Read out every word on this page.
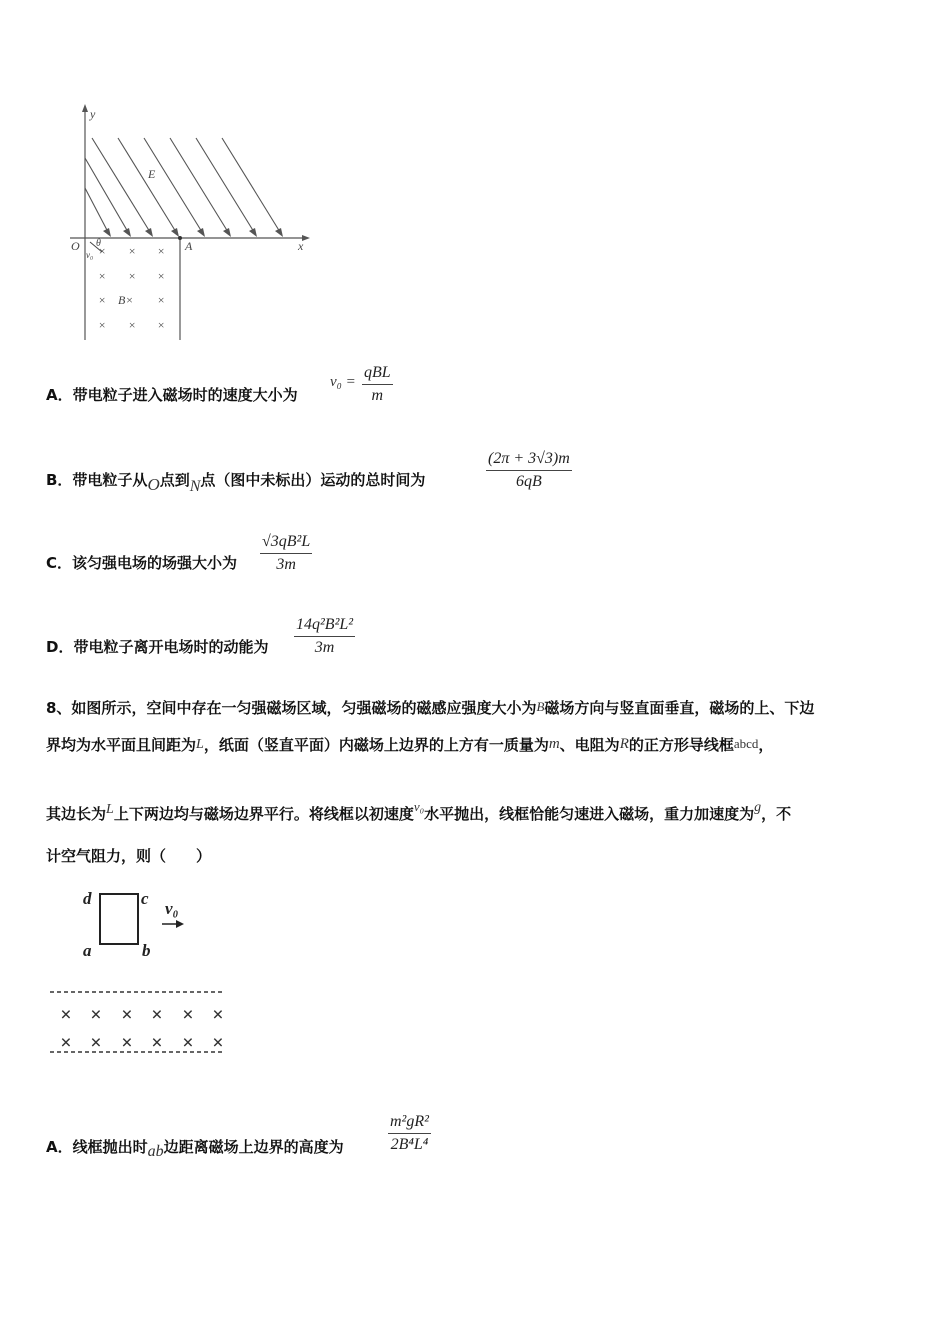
y
x
O θ
v₀
A
E
× × ×
× × ×
× B× ×
× × ×
A．带电粒子进入磁场时的速度大小为
v₀ =
qBL
m
B．带电粒子从O点到N点（图中未标出）运动的总时间为	$\frac{(2\pi + 3√3)m}{6qB}$
C．该匀强电场的场强大小为 $\frac{\text{√3qB²L}}{3m}$
D．带电粒子离开电场时的动能为 $\frac{\text{14q²B²L²}}{3m}$
8、如图所示，空间中存在一匀强磁场区域，匀强磁场的磁感应强度大小为B磁场方向与竖直面垂直，磁场的上、下边
界均为水平面且间距为L，纸面（竖直平面）内磁场上边界的上方有一质量为m、电阻为R的正方形导线框abcd，
其边长为L上下两边均与磁场边界平行。将线框以初速度v₀水平抛出，线框恰能匀速进入磁场，重力加速度为g，不
计空气阻力，则（　　）
d	c
a	b
v₀
× × × × × ×
× × × × × ×
A．线框抛出时ab边距离磁场上边界的高度为	$\frac{\text{m²gR²}}{\text{2B⁴L⁴}}$
